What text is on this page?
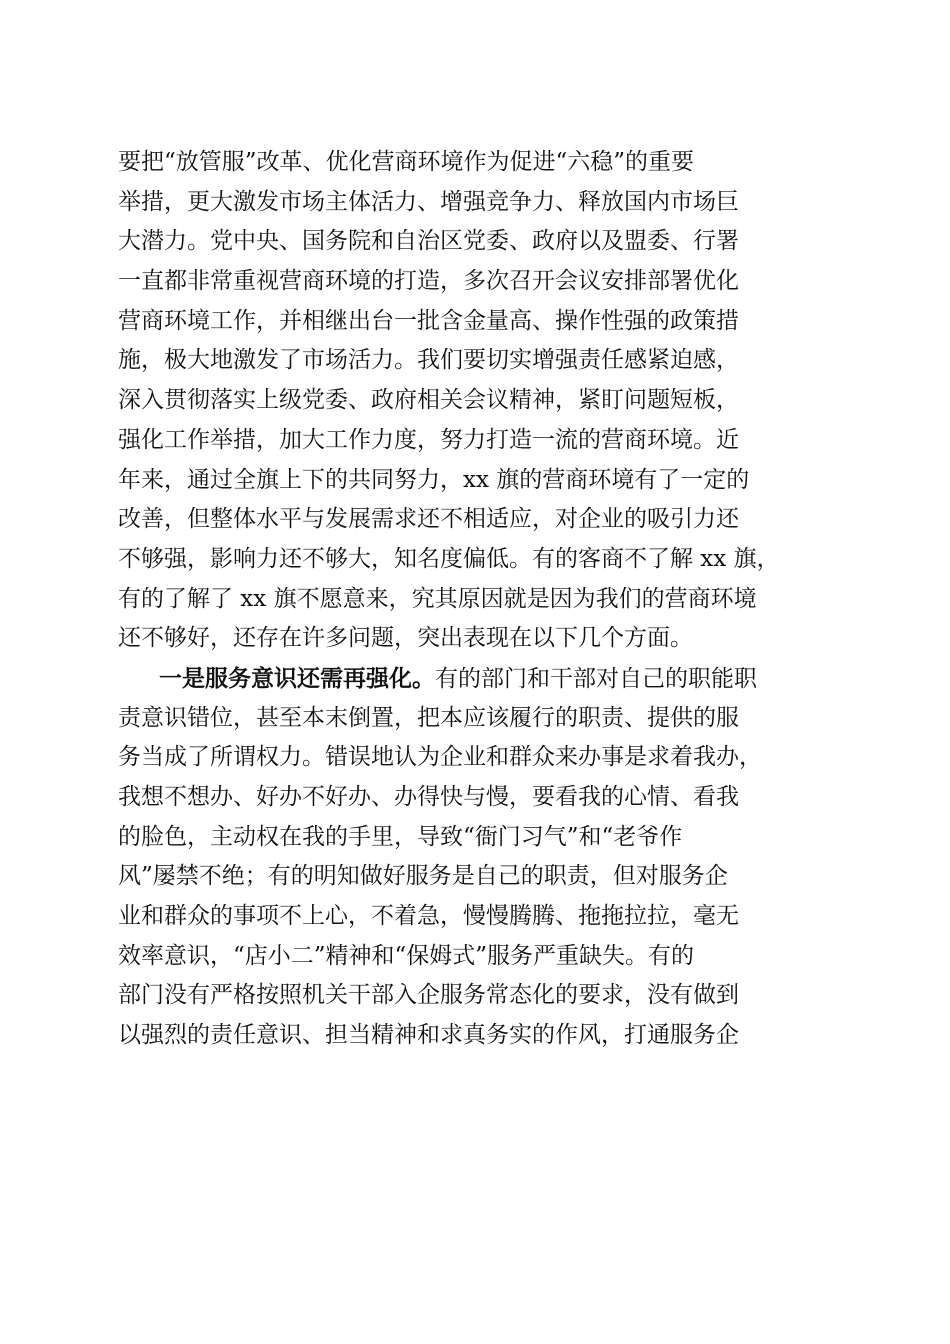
要把“放管服”改革、优化营商环境作为促进“六稳”的重要
举措，更大激发市场主体活力、增强竞争力、释放国内市场巨
大潜力。党中央、国务院和自治区党委、政府以及盟委、行署
一直都非常重视营商环境的打造，多次召开会议安排部署优化
营商环境工作，并相继出台一批含金量高、操作性强的政策措
施，极大地激发了市场活力。我们要切实增强责任感紧迫感，
深入贯彻落实上级党委、政府相关会议精神，紧盯问题短板，
强化工作举措，加大工作力度，努力打造一流的营商环境。近
年来，通过全旗上下的共同努力，xx 旗的营商环境有了一定的
改善，但整体水平与发展需求还不相适应，对企业的吸引力还
不够强，影响力还不够大，知名度偏低。有的客商不了解 xx 旗，
有的了解了 xx 旗不愿意来，究其原因就是因为我们的营商环境
还不够好，还存在许多问题，突出表现在以下几个方面。
一是服务意识还需再强化。有的部门和干部对自己的职能职
责意识错位，甚至本末倒置，把本应该履行的职责、提供的服
务当成了所谓权力。错误地认为企业和群众来办事是求着我办，
我想不想办、好办不好办、办得快与慢，要看我的心情、看我
的脸色，主动权在我的手里，导致“衙门习气”和“老爷作
风”屡禁不绝；有的明知做好服务是自己的职责，但对服务企
业和群众的事项不上心，不着急，慢慢腾腾、拖拖拉拉，毫无
效率意识，“店小二”精神和“保姆式”服务严重缺失。有的
部门没有严格按照机关干部入企服务常态化的要求，没有做到
以强烈的责任意识、担当精神和求真务实的作风，打通服务企
